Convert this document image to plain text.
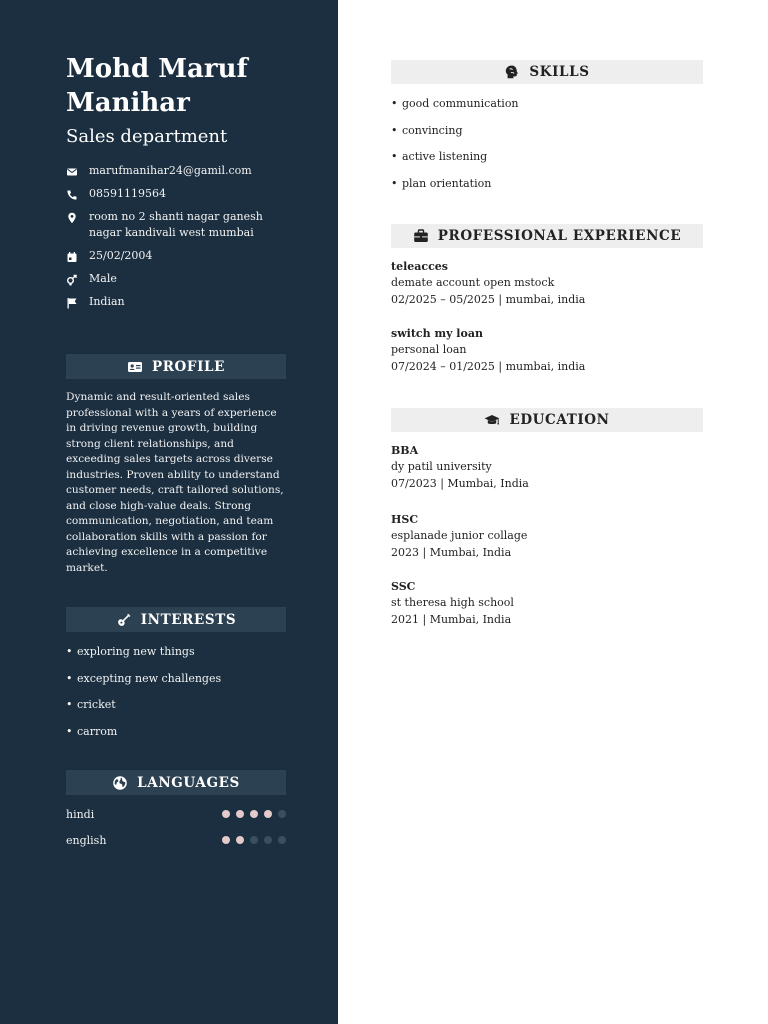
Mohd Maruf Manihar
Sales department
marufmanihar24@gamil.com
08591119564
room no 2 shanti nagar ganesh nagar kandivali west mumbai
25/02/2004
Male
Indian
PROFILE
Dynamic and result-oriented sales professional with a years of experience in driving revenue growth, building strong client relationships, and exceeding sales targets across diverse industries. Proven ability to understand customer needs, craft tailored solutions, and close high-value deals. Strong communication, negotiation, and team collaboration skills with a passion for achieving excellence in a competitive market.
INTERESTS
• exploring new things
• excepting new challenges
• cricket
• carrom
LANGUAGES
hindi
english
SKILLS
• good communication
• convincing
• active listening
• plan orientation
PROFESSIONAL EXPERIENCE
teleacces
demate account open mstock
02/2025 – 05/2025 | mumbai, india
switch my loan
personal loan
07/2024 – 01/2025 | mumbai, india
EDUCATION
BBA
dy patil university
07/2023 | Mumbai, India
HSC
esplanade junior collage
2023 | Mumbai, India
SSC
st theresa high school
2021 | Mumbai, India
